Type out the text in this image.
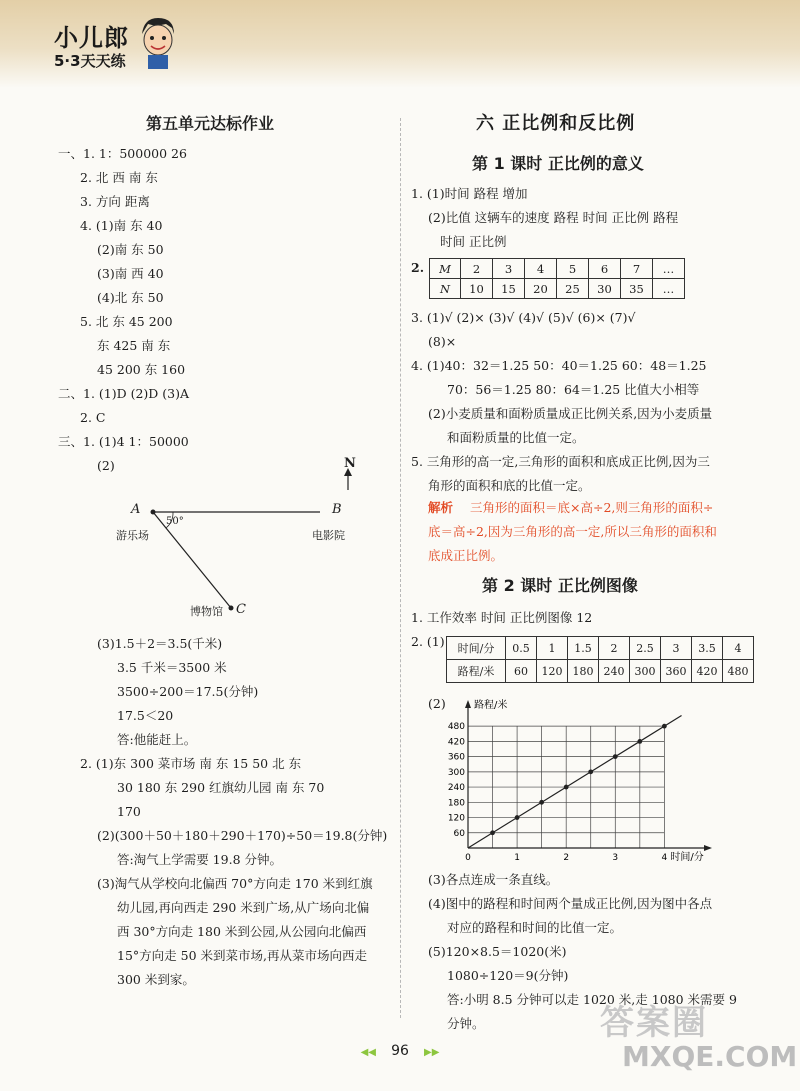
小儿郎
5·3天天练
第五单元达标作业
一、1. 1：500000 26
2. 北 西 南 东
3. 方向 距离
4. (1)南 东 40
(2)南 东 50
(3)南 西 40
(4)北 东 50
5. 北 东 45 200
东 425 南 东
45 200 东 160
二、1. (1)D (2)D (3)A
2. C
三、1. (1)4 1：50000
(2)	N
A	B
C
50°
游乐场	电影院
博物馆
(3)1.5＋2＝3.5(千米)
3.5 千米＝3500 米
3500÷200＝17.5(分钟)
17.5＜20
答:他能赶上。
2. (1)东 300 菜市场 南 东 15 50 北 东
30 180 东 290 红旗幼儿园 南 东 70
170
(2)(300＋50＋180＋290＋170)÷50＝19.8(分钟)
答:淘气上学需要 19.8 分钟。
(3)淘气从学校向北偏西 70°方向走 170 米到红旗
幼儿园,再向西走 290 米到广场,从广场向北偏
西 30°方向走 180 米到公园,从公园向北偏西
15°方向走 50 米到菜市场,再从菜市场向西走
300 米到家。
六 正比例和反比例
第 1 课时 正比例的意义
1. (1)时间 路程 增加
(2)比值 这辆车的速度 路程 时间 正比例 路程
时间 正比例
2. M	2	3	4	5	6	7	…
N	10	15	20	25	30	35	…
3. (1)√ (2)× (3)√ (4)√ (5)√ (6)× (7)√
(8)×
4. (1)40：32＝1.25 50：40＝1.25 60：48＝1.25
70：56＝1.25 80：64＝1.25 比值大小相等
(2)小麦质量和面粉质量成正比例关系,因为小麦质量
和面粉质量的比值一定。
5. 三角形的高一定,三角形的面积和底成正比例,因为三
角形的面积和底的比值一定。
解析 三角形的面积＝底×高÷2,则三角形的面积÷
底＝高÷2,因为三角形的高一定,所以三角形的面积和
底成正比例。
第 2 课时 正比例图像
1. 工作效率 时间 正比例图像 12
2. (1) 时间/分	0.5	1	1.5	2	2.5	3	3.5	4
路程/米	60	120	180	240	300	360	420	480
(2)
60
120
180
240
300
360
420
480
0	1	2	3	4
路程/米
时间/分
(3)各点连成一条直线。
(4)图中的路程和时间两个量成正比例,因为图中各点
对应的路程和时间的比值一定。
(5)120×8.5＝1020(米)
1080÷120＝9(分钟)
答:小明 8.5 分钟可以走 1020 米,走 1080 米需要 9
分钟。
◀◀ 96 ▶▶
答案圈
MXQE.COM
